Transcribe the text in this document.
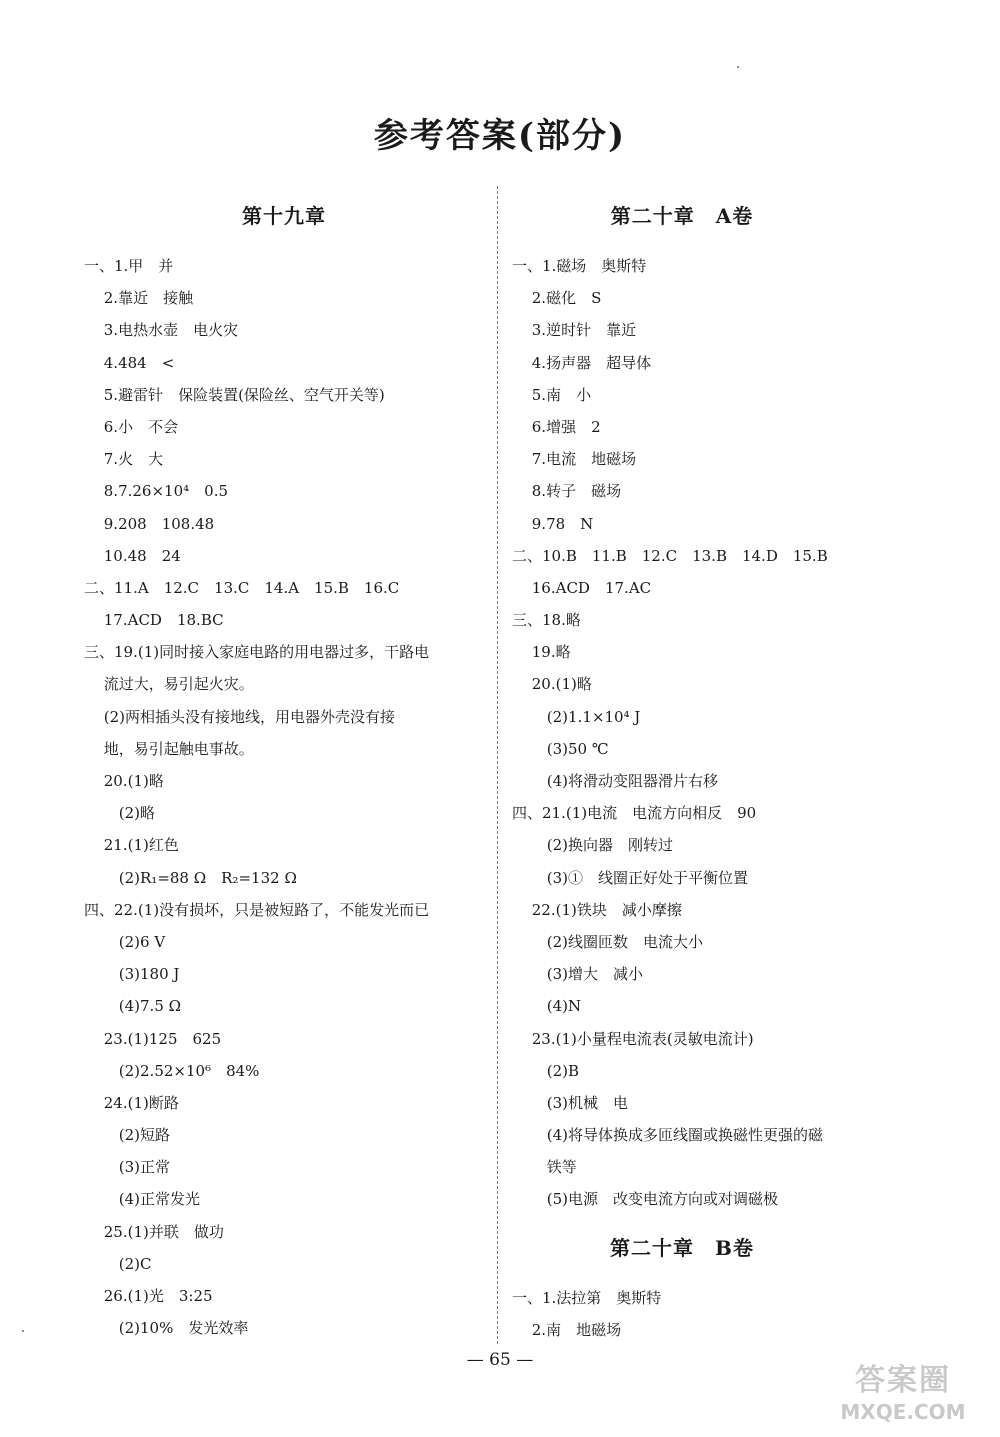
参考答案(部分)
第十九章
一、1.甲　并
　 2.靠近　接触
　 3.电热水壶　电火灾
　 4.484　<
　 5.避雷针　保险装置(保险丝、空气开关等)
　 6.小　不会
　 7.火　大
　 8.7.26×10⁴　0.5
　 9.208　108.48
　 10.48　24
二、11.A　12.C　13.C　14.A　15.B　16.C
　 17.ACD　18.BC
三、19.(1)同时接入家庭电路的用电器过多，干路电
　 流过大，易引起火灾。
　 (2)两相插头没有接地线，用电器外壳没有接
　 地，易引起触电事故。
　 20.(1)略
　 　(2)略
　 21.(1)红色
　 　(2)R₁=88 Ω　R₂=132 Ω
四、22.(1)没有损坏，只是被短路了，不能发光而已
　 　(2)6 V
　 　(3)180 J
　 　(4)7.5 Ω
　 23.(1)125　625
　 　(2)2.52×10⁶　84%
　 24.(1)断路
　 　(2)短路
　 　(3)正常
　 　(4)正常发光
　 25.(1)并联　做功
　 　(2)C
　 26.(1)光　3:25
　 　(2)10%　发光效率
第二十章　A卷
一、1.磁场　奥斯特
　 2.磁化　S
　 3.逆时针　靠近
　 4.扬声器　超导体
　 5.南　小
　 6.增强　2
　 7.电流　地磁场
　 8.转子　磁场
　 9.78　N
二、10.B　11.B　12.C　13.B　14.D　15.B
　 16.ACD　17.AC
三、18.略
　 19.略
　 20.(1)略
　 　(2)1.1×10⁴ J
　 　(3)50 ℃
　 　(4)将滑动变阻器滑片右移
四、21.(1)电流　电流方向相反　90
　 　(2)换向器　刚转过
　 　(3)①　线圈正好处于平衡位置
　 22.(1)铁块　减小摩擦
　 　(2)线圈匝数　电流大小
　 　(3)增大　减小
　 　(4)N
　 23.(1)小量程电流表(灵敏电流计)
　 　(2)B
　 　(3)机械　电
　 　(4)将导体换成多匝线圈或换磁性更强的磁
　 　铁等
　 　(5)电源　改变电流方向或对调磁极
第二十章　B卷
一、1.法拉第　奥斯特
　 2.南　地磁场
— 65 —
答案圈
MXQE.COM
